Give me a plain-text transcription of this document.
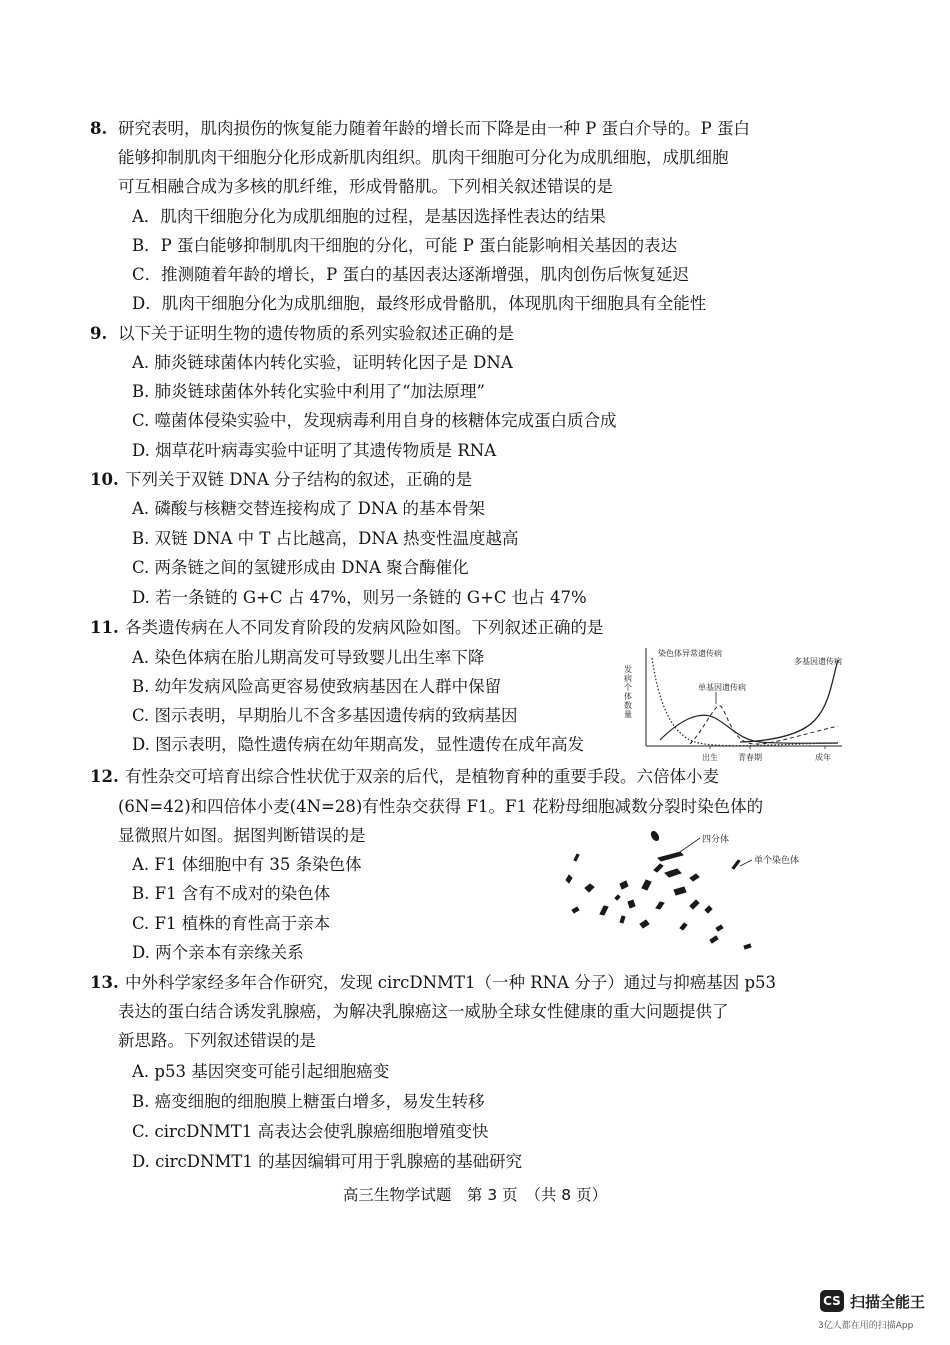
8. 研究表明，肌肉损伤的恢复能力随着年龄的增长而下降是由一种 P 蛋白介导的。P 蛋白
能够抑制肌肉干细胞分化形成新肌肉组织。肌肉干细胞可分化为成肌细胞，成肌细胞
可互相融合成为多核的肌纤维，形成骨骼肌。下列相关叙述错误的是
A．肌肉干细胞分化为成肌细胞的过程，是基因选择性表达的结果
B．P 蛋白能够抑制肌肉干细胞的分化，可能 P 蛋白能影响相关基因的表达
C．推测随着年龄的增长，P 蛋白的基因表达逐渐增强，肌肉创伤后恢复延迟
D．肌肉干细胞分化为成肌细胞，最终形成骨骼肌，体现肌肉干细胞具有全能性
9. 以下关于证明生物的遗传物质的系列实验叙述正确的是
A. 肺炎链球菌体内转化实验，证明转化因子是 DNA
B. 肺炎链球菌体外转化实验中利用了“加法原理”
C. 噬菌体侵染实验中，发现病毒利用自身的核糖体完成蛋白质合成
D. 烟草花叶病毒实验中证明了其遗传物质是 RNA
10. 下列关于双链 DNA 分子结构的叙述，正确的是
A. 磷酸与核糖交替连接构成了 DNA 的基本骨架
B. 双链 DNA 中 T 占比越高，DNA 热变性温度越高
C. 两条链之间的氢键形成由 DNA 聚合酶催化
D. 若一条链的 G+C 占 47%，则另一条链的 G+C 也占 47%
11. 各类遗传病在人不同发育阶段的发病风险如图。下列叙述正确的是
A. 染色体病在胎儿期高发可导致婴儿出生率下降
B. 幼年发病风险高更容易使致病基因在人群中保留
C. 图示表明，早期胎儿不含多基因遗传病的致病基因
D. 图示表明，隐性遗传病在幼年期高发，显性遗传在成年高发
发病个体数量
染色体异常遗传病
单基因遗传病
多基因遗传病
出生	青春期	成年
12. 有性杂交可培育出综合性状优于双亲的后代，是植物育种的重要手段。六倍体小麦
(6N=42)和四倍体小麦(4N=28)有性杂交获得 F1。F1 花粉母细胞减数分裂时染色体的
显微照片如图。据图判断错误的是
A. F1 体细胞中有 35 条染色体
B. F1 含有不成对的染色体
C. F1 植株的育性高于亲本
D. 两个亲本有亲缘关系
四分体
单个染色体
13. 中外科学家经多年合作研究，发现 circDNMT1（一种 RNA 分子）通过与抑癌基因 p53
表达的蛋白结合诱发乳腺癌，为解决乳腺癌这一威胁全球女性健康的重大问题提供了
新思路。下列叙述错误的是
A. p53 基因突变可能引起细胞癌变
B. 癌变细胞的细胞膜上糖蛋白增多，易发生转移
C. circDNMT1 高表达会使乳腺癌细胞增殖变快
D. circDNMT1 的基因编辑可用于乳腺癌的基础研究
高三生物学试题　第 3 页　（共 8 页）
CS 扫描全能王
3亿人都在用的扫描App
